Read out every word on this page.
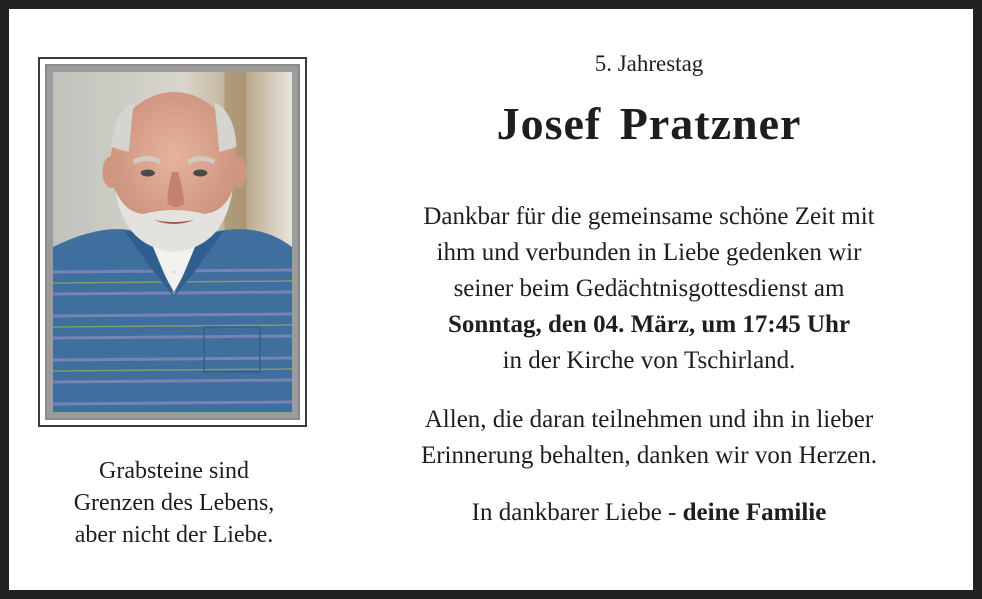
Grabsteine sind
Grenzen des Lebens,
aber nicht der Liebe.
5. Jahrestag
Josef Pratzner
Dankbar für die gemeinsame schöne Zeit mit
ihm und verbunden in Liebe gedenken wir
seiner beim Gedächtnisgottesdienst am
Sonntag, den 04. März, um 17:45 Uhr
in der Kirche von Tschirland.
Allen, die daran teilnehmen und ihn in lieber
Erinnerung behalten, danken wir von Herzen.
In dankbarer Liebe - deine Familie
